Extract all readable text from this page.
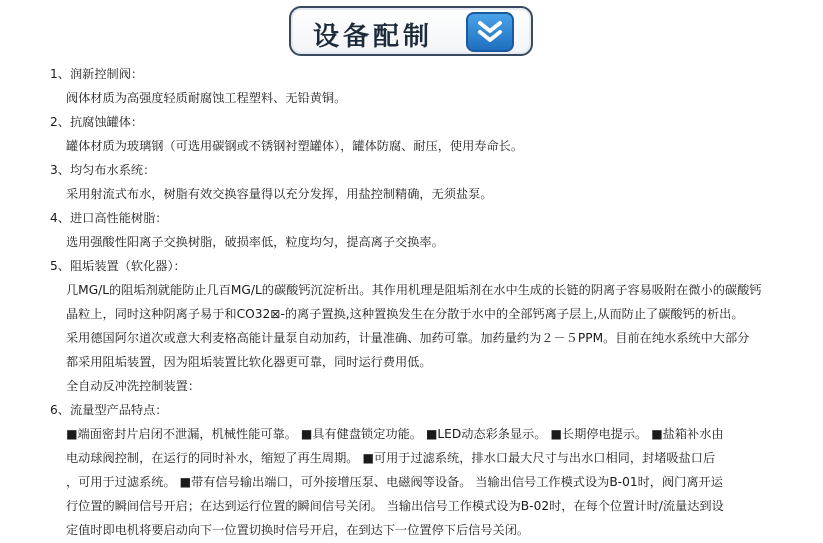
设备配制
1、润新控制阀：
阀体材质为高强度轻质耐腐蚀工程塑料、无铅黄铜。
2、抗腐蚀罐体：
罐体材质为玻璃钢（可选用碳钢或不锈钢衬塑罐体），罐体防腐、耐压，使用寿命长。
3、均匀布水系统：
采用射流式布水，树脂有效交换容量得以充分发挥，用盐控制精确，无须盐泵。
4、进口高性能树脂：
选用强酸性阳离子交换树脂，破损率低，粒度均匀，提高离子交换率。
5、阻垢装置（软化器）：
几MG/L的阻垢剂就能防止几百MG/L的碳酸钙沉淀析出。其作用机理是阻垢剂在水中生成的长链的阴离子容易吸附在微小的碳酸钙
晶粒上，同时这种阴离子易于和CO32⊠-的离子置换,这种置换发生在分散于水中的全部钙离子层上,从而防止了碳酸钙的析出。
采用德国阿尔道次或意大利麦格高能计量泵自动加药，计量准确、加药可靠。加药量约为２－５PPM。目前在纯水系统中大部分
都采用阻垢装置，因为阻垢装置比软化器更可靠，同时运行费用低。
全自动反冲洗控制装置：
6、流量型产品特点：
■端面密封片启闭不泄漏，机械性能可靠。 ■具有健盘锁定功能。 ■LED动态彩条显示。 ■长期停电提示。 ■盐箱补水由
电动球阀控制，在运行的同时补水，缩短了再生周期。 ■可用于过滤系统，排水口最大尺寸与出水口相同，封堵吸盐口后
，可用于过滤系统。 ■带有信号输出端口，可外接增压泵、电磁阀等设备。 当输出信号工作模式设为B-01时，阀门离开运
行位置的瞬间信号开启；在达到运行位置的瞬间信号关闭。 当输出信号工作模式设为B-02时，在每个位置计时/流量达到设
定值时即电机将要启动向下一位置切换时信号开启，在到达下一位置停下后信号关闭。
